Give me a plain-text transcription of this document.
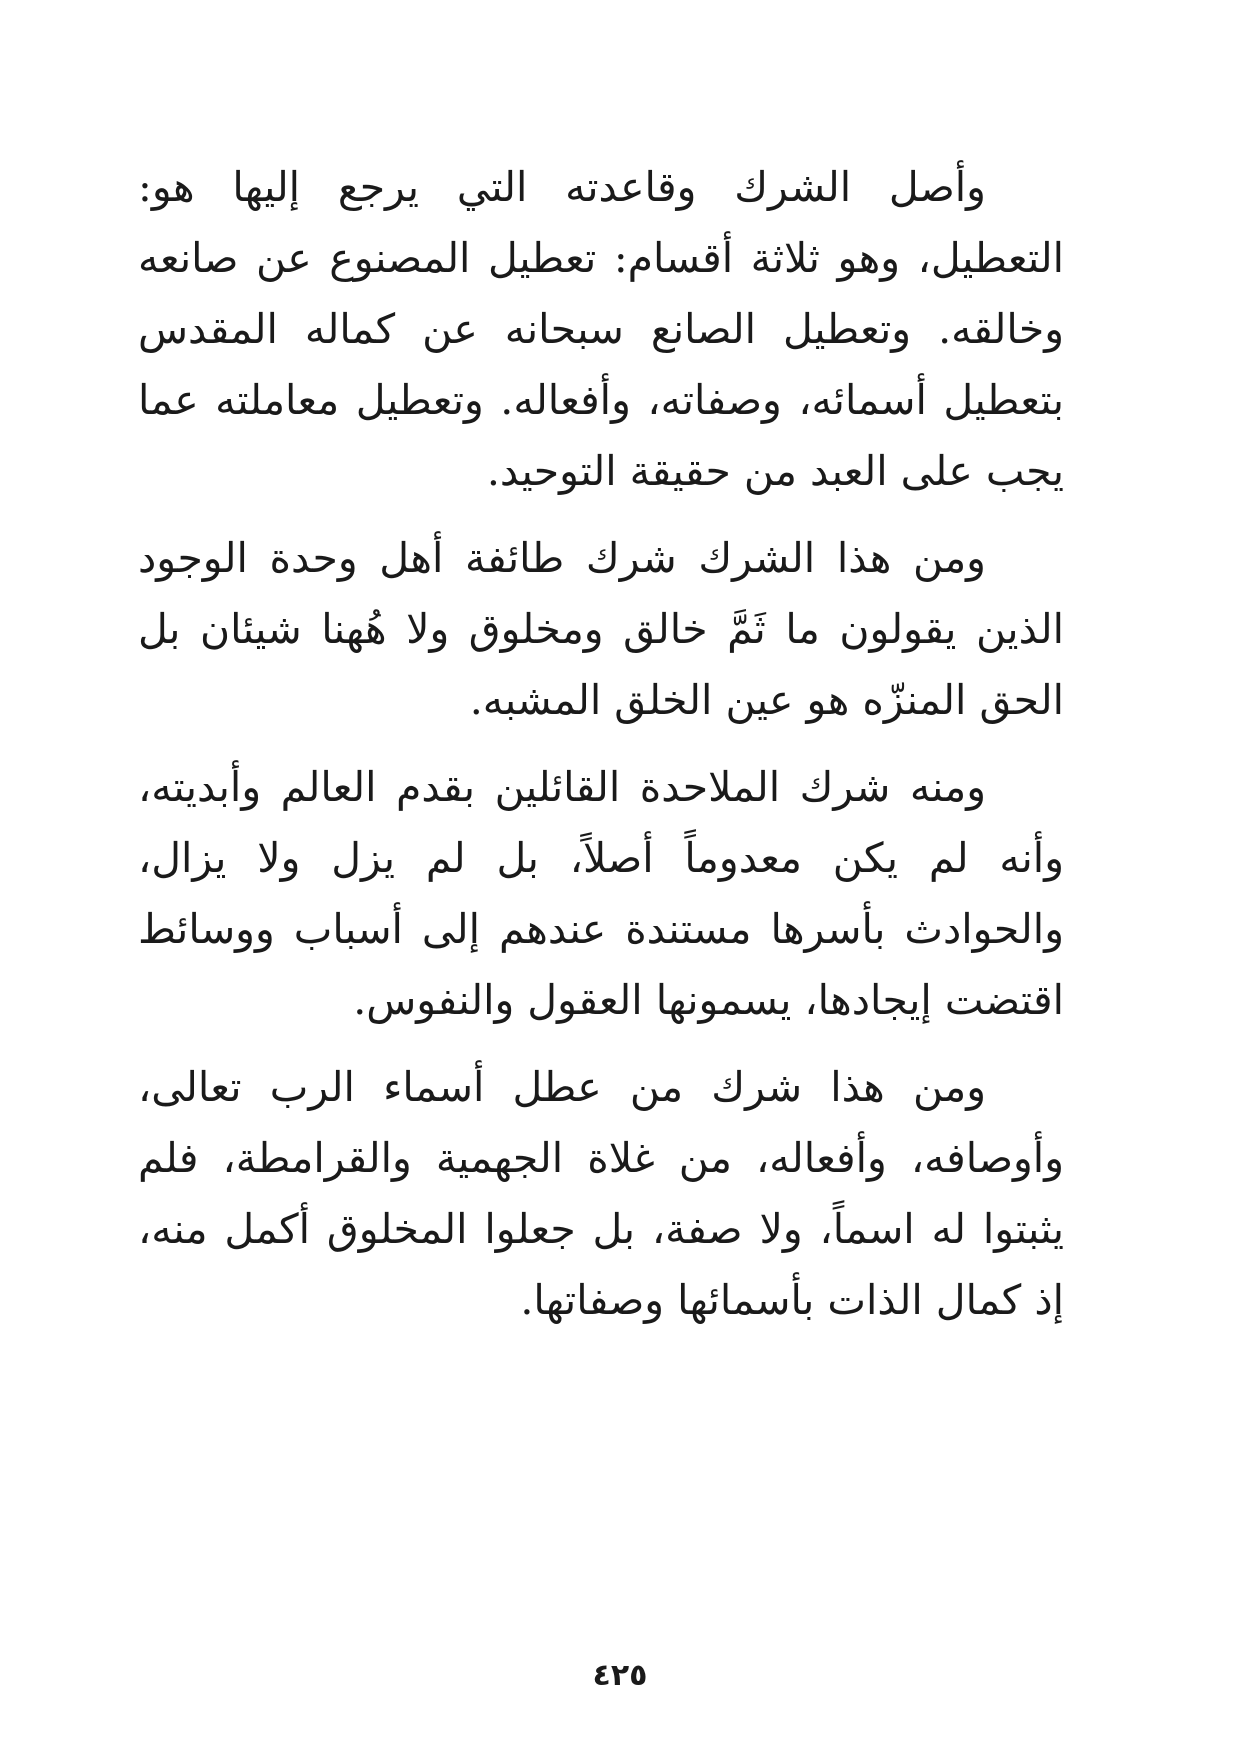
وأصل الشرك وقاعدته التي يرجع إليها هو: التعطيل، وهو ثلاثة أقسام: تعطيل المصنوع عن صانعه وخالقه. وتعطيل الصانع سبحانه عن كماله المقدس بتعطيل أسمائه، وصفاته، وأفعاله. وتعطيل معاملته عما يجب على العبد من حقيقة التوحيد.

ومن هذا الشرك شرك طائفة أهل وحدة الوجود الذين يقولون ما ثَمَّ خالق ومخلوق ولا هُهنا شيئان بل الحق المنزّه هو عين الخلق المشبه.

ومنه شرك الملاحدة القائلين بقدم العالم وأبديته، وأنه لم يكن معدوماً أصلاً، بل لم يزل ولا يزال، والحوادث بأسرها مستندة عندهم إلى أسباب ووسائط اقتضت إيجادها، يسمونها العقول والنفوس.

ومن هذا شرك من عطل أسماء الرب تعالى، وأوصافه، وأفعاله، من غلاة الجهمية والقرامطة، فلم يثبتوا له اسماً، ولا صفة، بل جعلوا المخلوق أكمل منه، إذ كمال الذات بأسمائها وصفاتها.

٤٢٥
